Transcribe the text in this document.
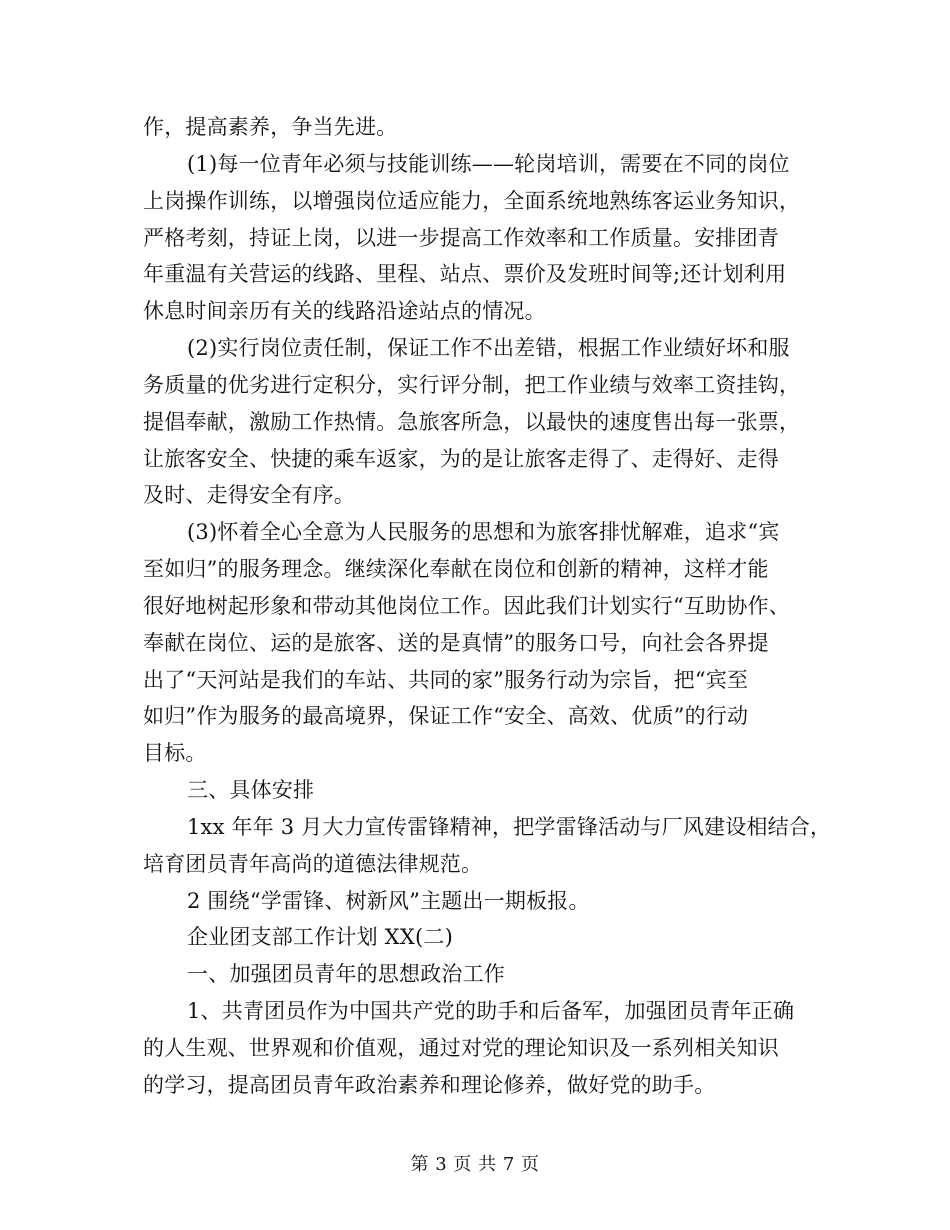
作，提高素养，争当先进。
(1)每一位青年必须与技能训练——轮岗培训，需要在不同的岗位
上岗操作训练，以增强岗位适应能力，全面系统地熟练客运业务知识，
严格考刻，持证上岗，以进一步提高工作效率和工作质量。安排团青
年重温有关营运的线路、里程、站点、票价及发班时间等;还计划利用
休息时间亲历有关的线路沿途站点的情况。
(2)实行岗位责任制，保证工作不出差错，根据工作业绩好坏和服
务质量的优劣进行定积分，实行评分制，把工作业绩与效率工资挂钩，
提倡奉献，激励工作热情。急旅客所急，以最快的速度售出每一张票，
让旅客安全、快捷的乘车返家，为的是让旅客走得了、走得好、走得
及时、走得安全有序。
(3)怀着全心全意为人民服务的思想和为旅客排忧解难，追求“宾
至如归”的服务理念。继续深化奉献在岗位和创新的精神，这样才能
很好地树起形象和带动其他岗位工作。因此我们计划实行“互助协作、
奉献在岗位、运的是旅客、送的是真情”的服务口号，向社会各界提
出了“天河站是我们的车站、共同的家”服务行动为宗旨，把“宾至
如归”作为服务的最高境界，保证工作“安全、高效、优质”的行动
目标。
三、具体安排
1xx 年年 3 月大力宣传雷锋精神，把学雷锋活动与厂风建设相结合，
培育团员青年高尚的道德法律规范。
2 围绕“学雷锋、树新风”主题出一期板报。
企业团支部工作计划 XX(二)
一、加强团员青年的思想政治工作
1、共青团员作为中国共产党的助手和后备军，加强团员青年正确
的人生观、世界观和价值观，通过对党的理论知识及一系列相关知识
的学习，提高团员青年政治素养和理论修养，做好党的助手。
第 3 页 共 7 页
